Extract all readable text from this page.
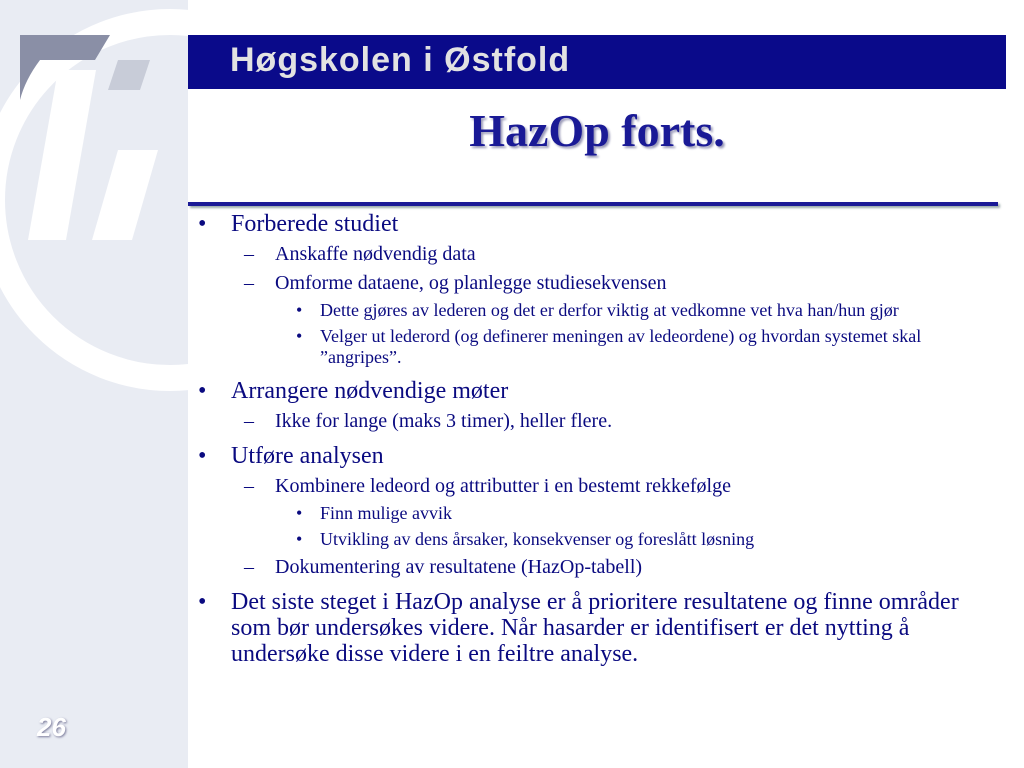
Høgskolen i Østfold
HazOp forts.
• Forberede studiet
– Anskaffe nødvendig data
– Omforme dataene, og planlegge studiesekvensen
• Dette gjøres av lederen og det er derfor viktig at vedkomne vet hva han/hun gjør
• Velger ut lederord (og definerer meningen av ledeordene) og hvordan systemet skal ”angripes”.
• Arrangere nødvendige møter
– Ikke for lange (maks 3 timer), heller flere.
• Utføre analysen
– Kombinere ledeord og attributter i en bestemt rekkefølge
• Finn mulige avvik
• Utvikling av dens årsaker, konsekvenser og foreslått løsning
– Dokumentering av resultatene (HazOp-tabell)
• Det siste steget i HazOp analyse er å prioritere resultatene og finne områder som bør undersøkes videre. Når hasarder er identifisert er det nytting å undersøke disse videre i en feiltre analyse.
26
